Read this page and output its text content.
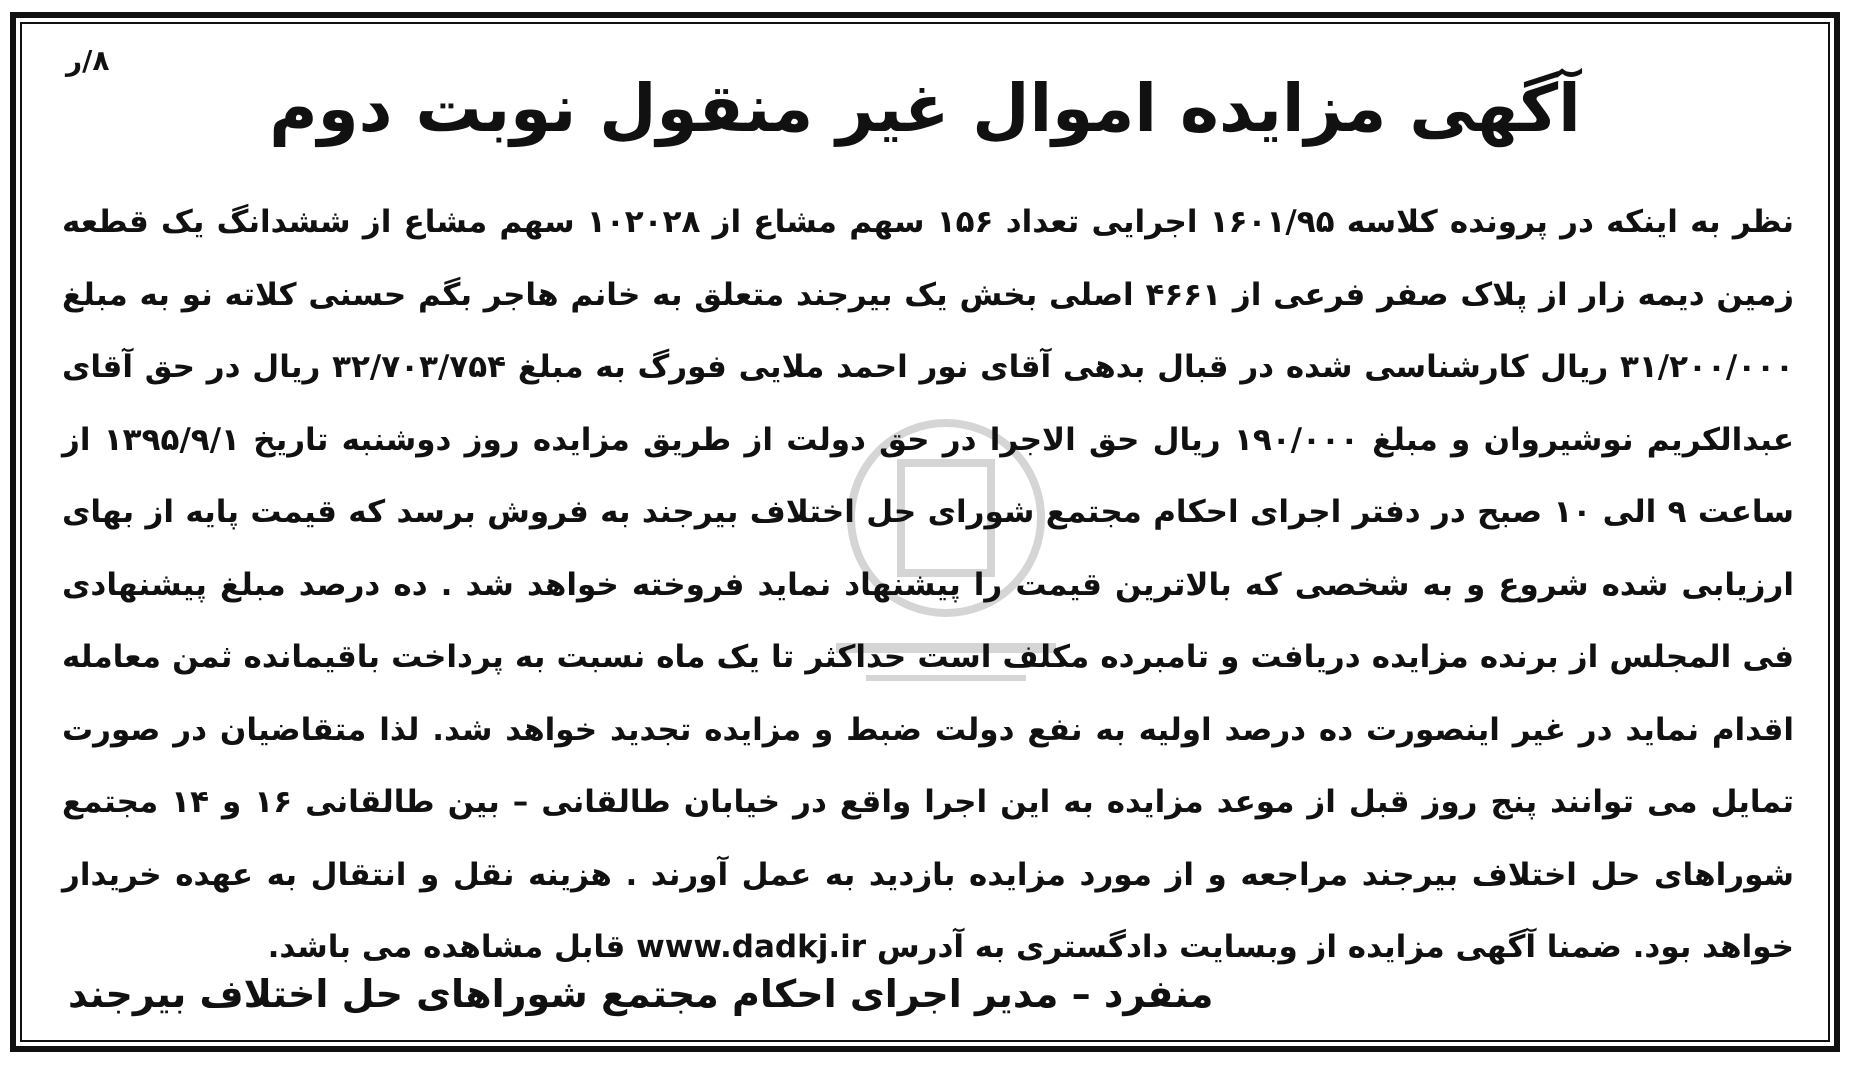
۸/ر
آگهی مزایده اموال غیر منقول نوبت دوم
نظر به اینکه در پرونده کلاسه ۱۶۰۱/۹۵ اجرایی تعداد ۱۵۶ سهم مشاع از ۱۰۲۰۲۸ سهم مشاع از ششدانگ یک قطعه زمین دیمه زار از پلاک صفر فرعی از ۴۶۶۱ اصلی بخش یک بیرجند متعلق به خانم هاجر بگم حسنی کلاته نو به مبلغ ۳۱/۲۰۰/۰۰۰ ریال کارشناسی شده در قبال بدهی آقای نور احمد ملایی فورگ به مبلغ ۳۲/۷۰۳/۷۵۴ ریال در حق آقای عبدالکریم نوشیروان و مبلغ ۱۹۰/۰۰۰ ریال حق الاجرا در حق دولت از طریق مزایده روز دوشنبه تاریخ ۱۳۹۵/۹/۱ از ساعت ۹ الی ۱۰ صبح در دفتر اجرای احکام مجتمع شورای حل اختلاف بیرجند به فروش برسد که قیمت پایه از بهای ارزیابی شده شروع و به شخصی که بالاترین قیمت را پیشنهاد نماید فروخته خواهد شد . ده درصد مبلغ پیشنهادی فی المجلس از برنده مزایده دریافت و تامبرده مکلف است حداکثر تا یک ماه نسبت به پرداخت باقیمانده ثمن معامله اقدام نماید در غیر اینصورت ده درصد اولیه به نفع دولت ضبط و مزایده تجدید خواهد شد. لذا متقاضیان در صورت تمایل می توانند پنج روز قبل از موعد مزایده به این اجرا واقع در خیابان طالقانی – بین طالقانی ۱۶ و ۱۴ مجتمع شوراهای حل اختلاف بیرجند مراجعه و از مورد مزایده بازدید به عمل آورند . هزینه نقل و انتقال به عهده خریدار خواهد بود. ضمنا آگهی مزایده از وبسایت دادگستری به آدرس www.dadkj.ir قابل مشاهده می باشد.
منفرد – مدیر اجرای احکام مجتمع شوراهای حل اختلاف بیرجند
